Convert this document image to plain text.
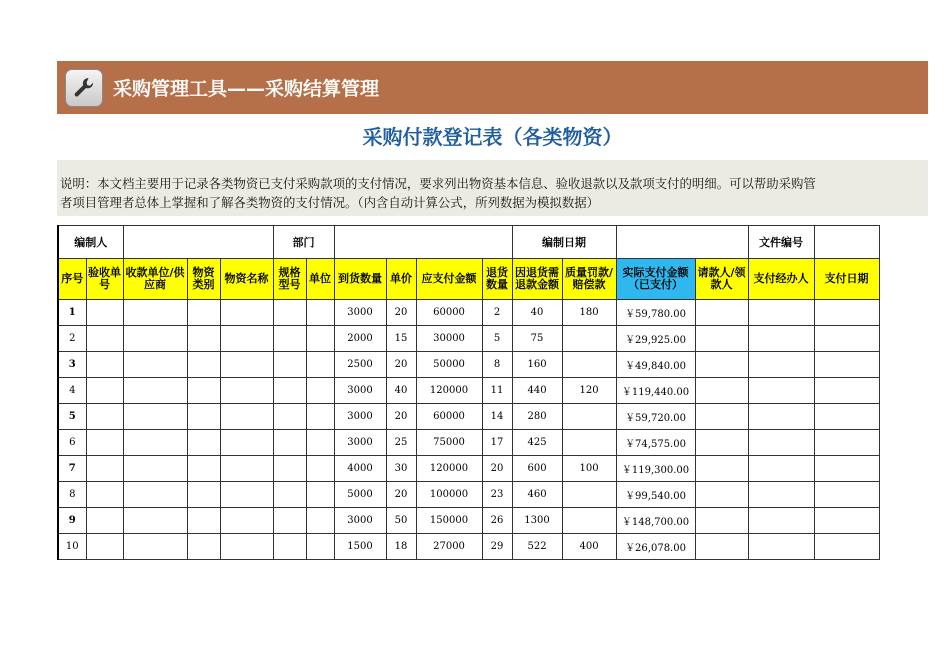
采购管理工具——采购结算管理
采购付款登记表（各类物资）
说明：本文档主要用于记录各类物资已支付采购款项的支付情况，要求列出物资基本信息、验收退款以及款项支付的明细。可以帮助采购管
者项目管理者总体上掌握和了解各类物资的支付情况。（内含自动计算公式，所列数据为模拟数据）
编制人					部门						编制日期				文件编号	
序号	验收单号	收款单位/供应商	物资类别	物资名称	规格型号	单位	到货数量	单价	应支付金额	退货数量	因退货需退款金额	质量罚款/赔偿款	实际支付金额（已支付）	请款人/领款人	支付经办人	支付日期
1							3000	20	60000	2	40	180	￥59,780.00			
2							2000	15	30000	5	75		￥29,925.00			
3							2500	20	50000	8	160		￥49,840.00			
4							3000	40	120000	11	440	120	￥119,440.00			
5							3000	20	60000	14	280		￥59,720.00			
6							3000	25	75000	17	425		￥74,575.00			
7							4000	30	120000	20	600	100	￥119,300.00			
8							5000	20	100000	23	460		￥99,540.00			
9							3000	50	150000	26	1300		￥148,700.00			
10							1500	18	27000	29	522	400	￥26,078.00			
